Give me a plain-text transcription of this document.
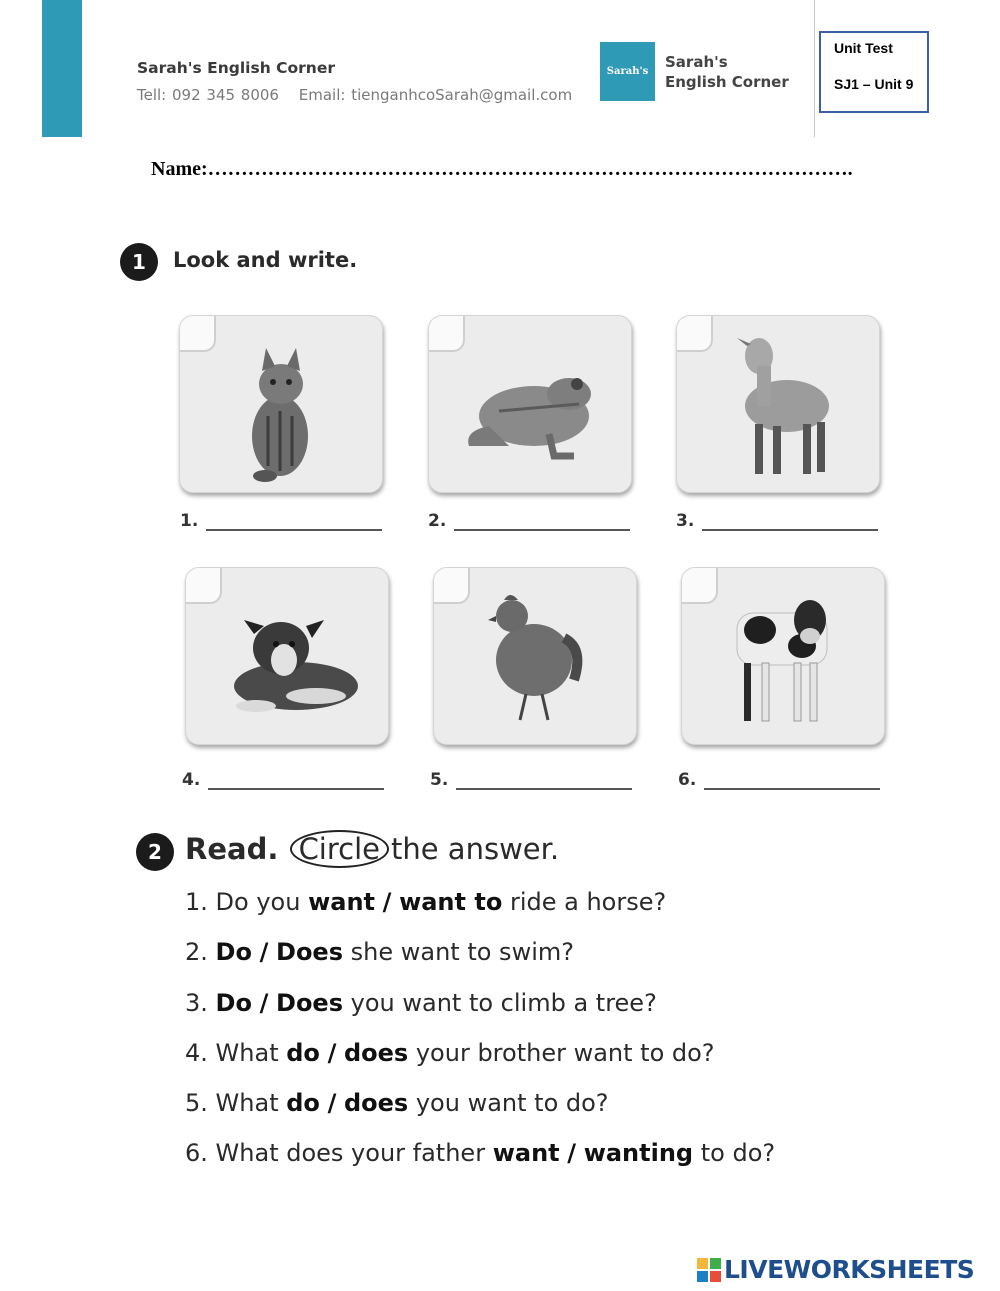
Sarah's English Corner
Tell: 092 345 8006 Email: tienganhcoSarah@gmail.com
Sarah's
Sarah's
English Corner
Unit Test
SJ1 – Unit 9
Name:…………………………………………………………………………………….
1	Look and write.
1.	2.	3.
4.	5.	6.
2 Read. Circle the answer.
1. Do you want / want to ride a horse?
2. Do / Does she want to swim?
3. Do / Does you want to climb a tree?
4. What do / does your brother want to do?
5. What do / does you want to do?
6. What does your father want / wanting to do?
LIVEWORKSHEETS
